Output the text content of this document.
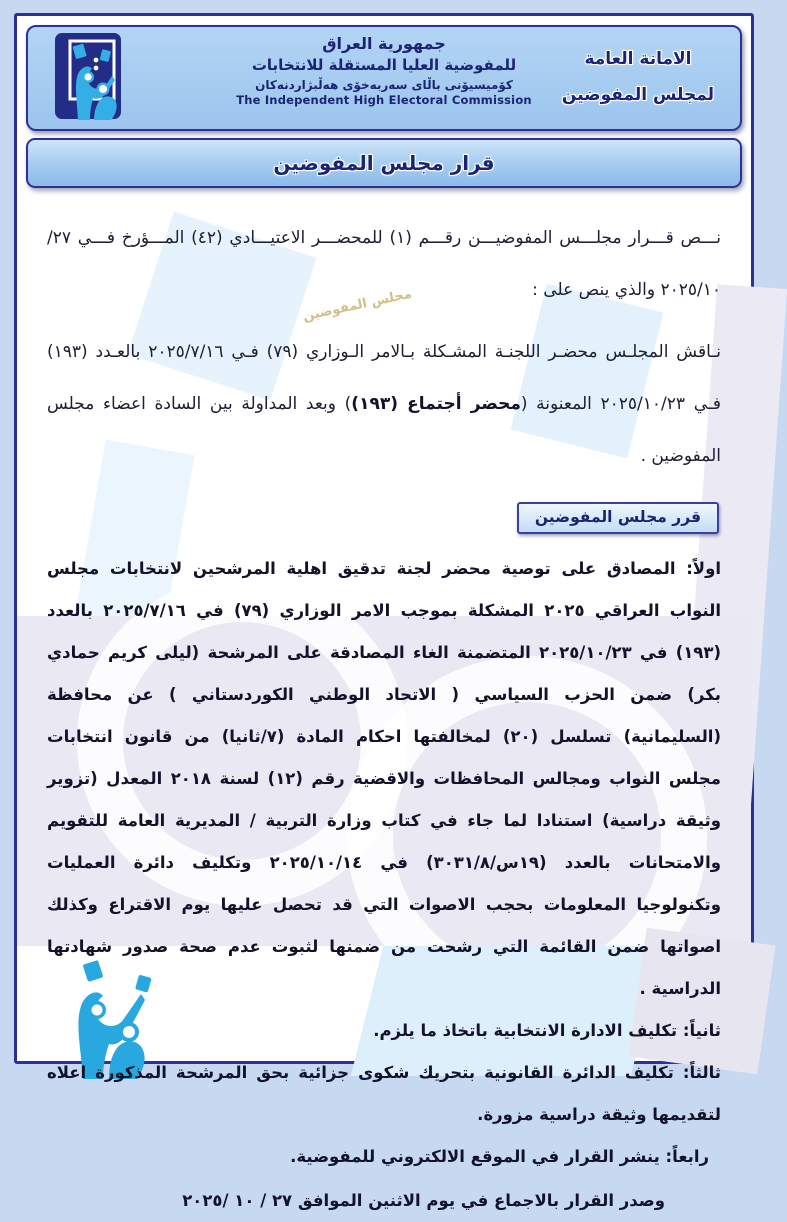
مجلس المفوضين
جمهورية العراق
للمفوضية العليا المستقلة للانتخابات
كۆميسيۆنی باڵای سەربەخۆی هەڵبژاردنەكان
The Independent High Electoral Commission
الامانة العامة
لمجلس المفوضين
قرار مجلس المفوضين

نـــص قـــرار مجلـــس المفوضيـــن رقـــم (١) للمحضـــر الاعتيـــادي (٤٢) المـــؤرخ فـــي ٢٧/ ٢٠٢٥/١٠ والذي ينص على :

نـاقش المجلـس محضـر اللجنـة المشـكلة بـالامر الـوزاري (٧٩) فـي ٢٠٢٥/٧/١٦ بالعـدد (١٩٣) فـي ٢٠٢٥/١٠/٢٣ المعنونة (محضر أجتماع (١٩٣)) وبعد المداولة بين السادة اعضاء مجلس المفوضين .

قرر مجلس المفوضين

اولاً: المصادق على توصية محضر لجنة تدقيق اهلية المرشحين لانتخابات مجلس النواب العراقي ٢٠٢٥ المشكلة بموجب الامر الوزاري (٧٩) في ٢٠٢٥/٧/١٦ بالعدد (١٩٣) في ٢٠٢٥/١٠/٢٣ المتضمنة الغاء المصادقة على المرشحة (ليلى كريم حمادي بكر) ضمن الحزب السياسي ( الاتحاد الوطني الكوردستاني ) عن محافظة (السليمانية) تسلسل (٢٠) لمخالفتها احكام المادة (٧/ثانيا) من قانون انتخابات مجلس النواب ومجالس المحافظات والاقضية رقم (١٢) لسنة ٢٠١٨ المعدل (تزوير وثيقة دراسية) استنادا لما جاء في كتاب وزارة التربية / المديرية العامة للتقويم والامتحانات بالعدد (١٩س/٣٠٣١/٨) في ٢٠٢٥/١٠/١٤ وتكليف دائرة العمليات وتكنولوجيا المعلومات بحجب الاصوات التي قد تحصل عليها يوم الاقتراع وكذلك اصواتها ضمن القائمة التي رشحت من ضمنها لثبوت عدم صحة صدور شهادتها الدراسية .

ثانياً: تكليف الادارة الانتخابية باتخاذ ما يلزم.

ثالثاً: تكليف الدائرة القانونية بتحريك شكوى جزائية بحق المرشحة المذكورة اعلاه لتقديمها وثيقة دراسية مزورة.

رابعاً: ينشر القرار في الموقع الالكتروني للمفوضية.

وصدر القرار بالاجماع في يوم الاثنين الموافق ٢٧ / ١٠ /٢٠٢٥
